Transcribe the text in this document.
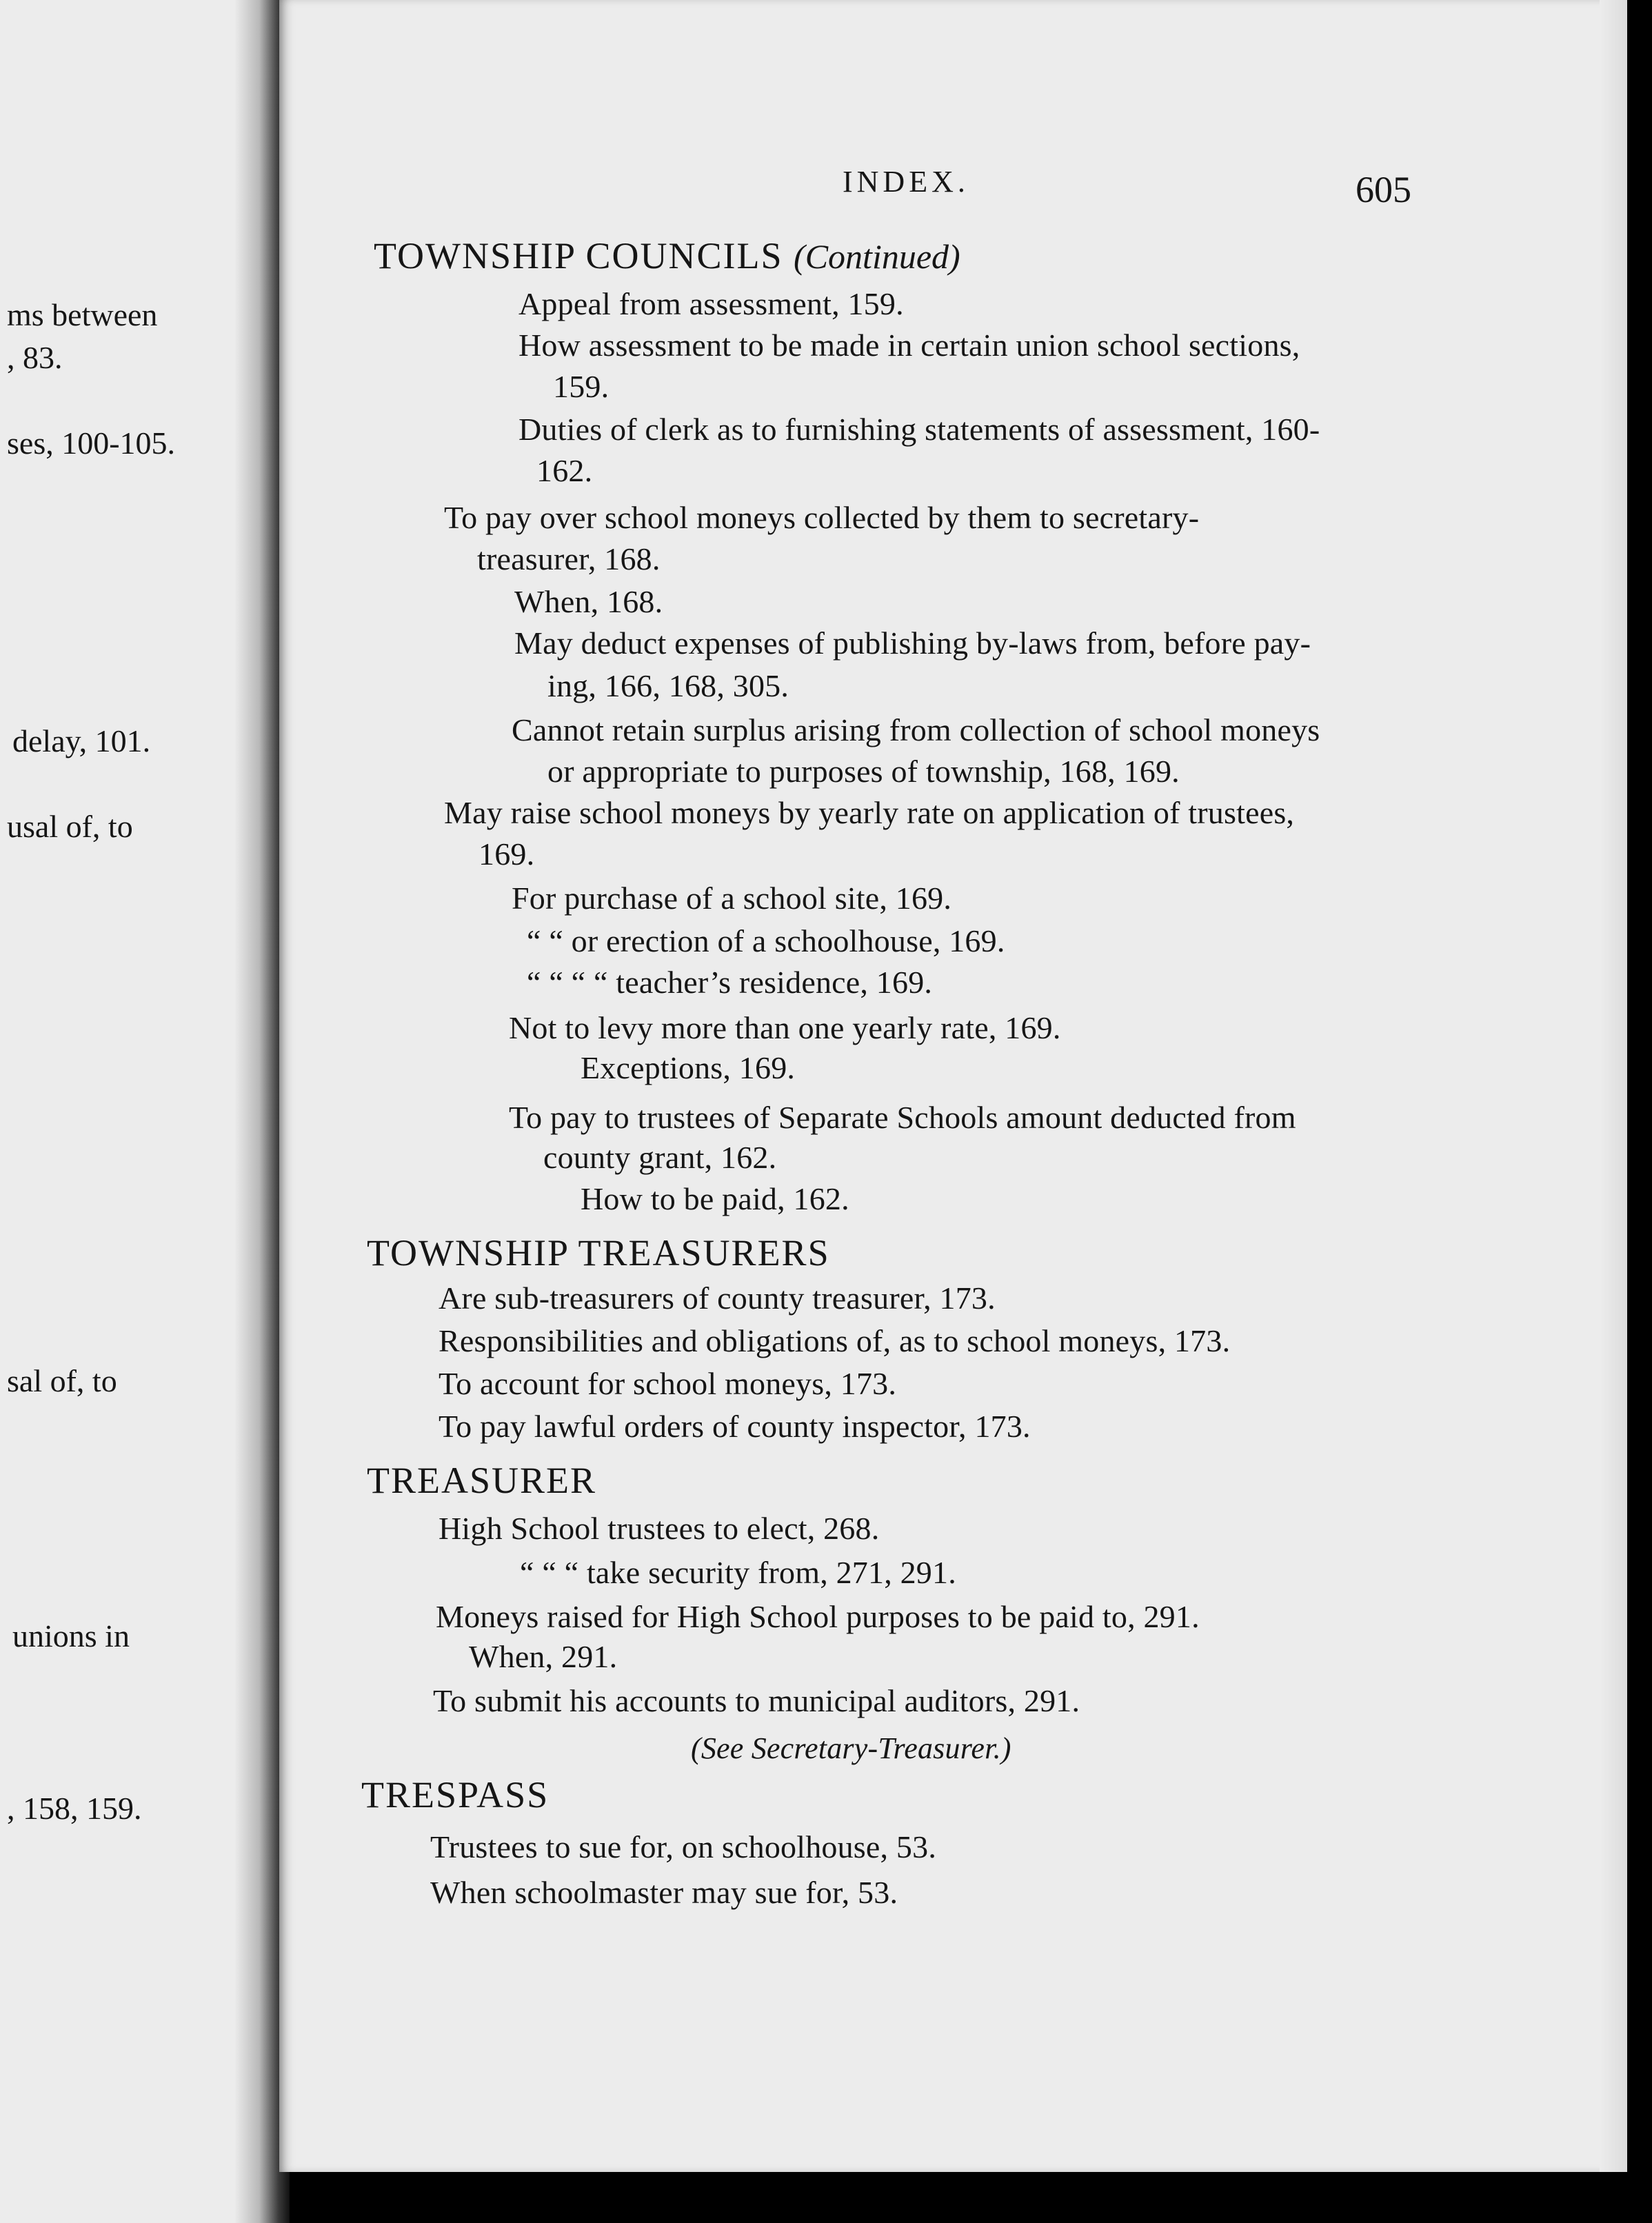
ms between
, 83.
ses, 100-105.
delay, 101.
usal of, to
sal of, to
unions in
, 158, 159.
INDEX.	605
TOWNSHIP COUNCILS (Continued)
Appeal from assessment, 159.
How assessment to be made in certain union school sections,
159.
Duties of clerk as to furnishing statements of assessment, 160-
162.
To pay over school moneys collected by them to secretary-
treasurer, 168.
When, 168.
May deduct expenses of publishing by-laws from, before pay-
ing, 166, 168, 305.
Cannot retain surplus arising from collection of school moneys
or appropriate to purposes of township, 168, 169.
May raise school moneys by yearly rate on application of trustees,
169.
For purchase of a school site, 169.
“ “ or erection of a schoolhouse, 169.
“ “ “ “ teacher’s residence, 169.
Not to levy more than one yearly rate, 169.
Exceptions, 169.
To pay to trustees of Separate Schools amount deducted from
county grant, 162.
How to be paid, 162.
TOWNSHIP TREASURERS
Are sub-treasurers of county treasurer, 173.
Responsibilities and obligations of, as to school moneys, 173.
To account for school moneys, 173.
To pay lawful orders of county inspector, 173.
TREASURER
High School trustees to elect, 268.
“ “ “ take security from, 271, 291.
Moneys raised for High School purposes to be paid to, 291.
When, 291.
To submit his accounts to municipal auditors, 291.
(See Secretary-Treasurer.)
TRESPASS
Trustees to sue for, on schoolhouse, 53.
When schoolmaster may sue for, 53.
